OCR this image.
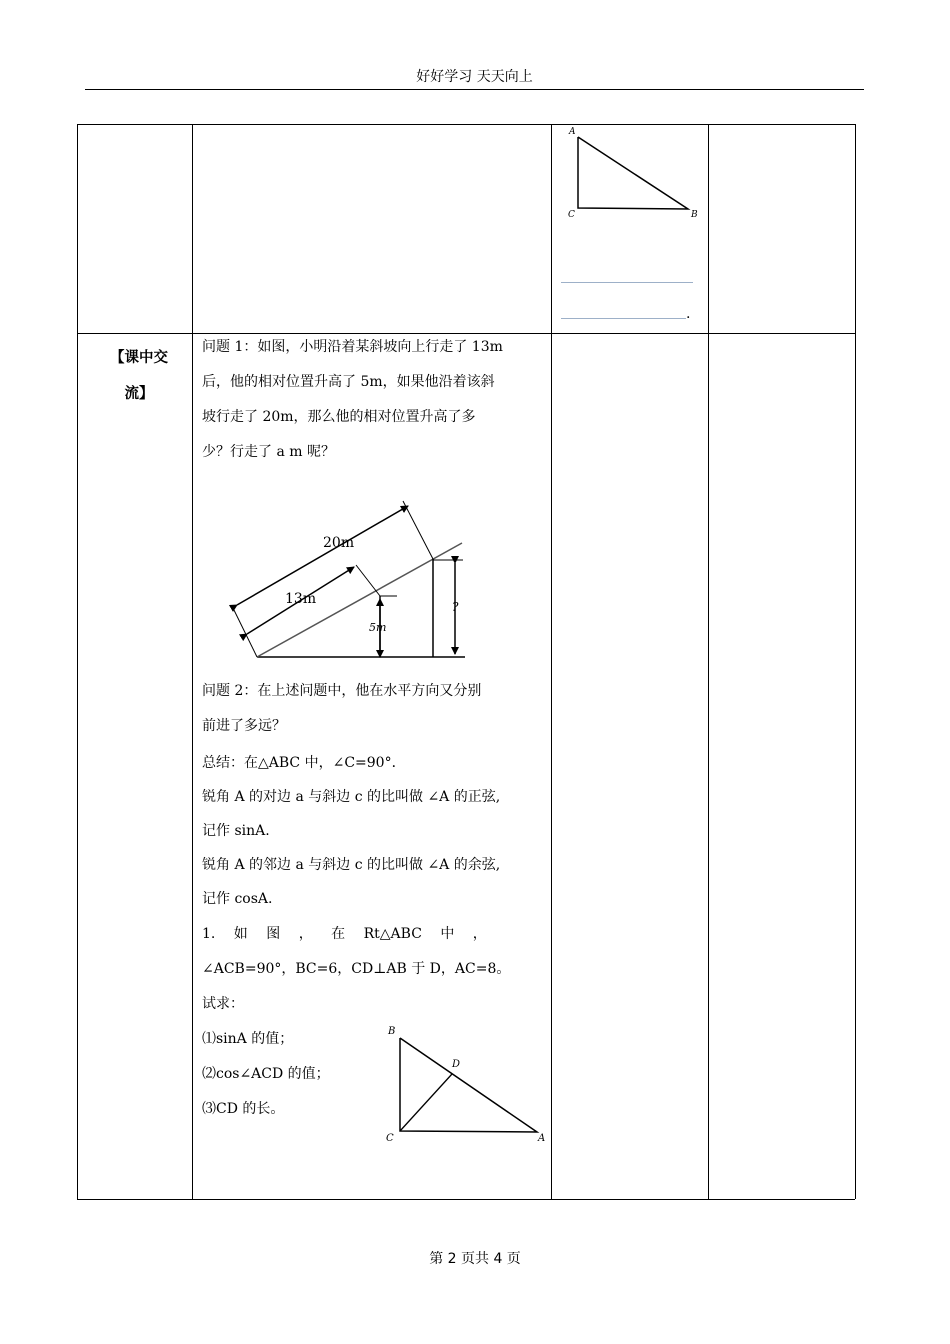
好好学习 天天向上
A
C	B
.
【课中交
流】
问题 1：如图，小明沿着某斜坡向上行走了 13m
后，他的相对位置升高了 5m，如果他沿着该斜
坡行走了 20m，那么他的相对位置升高了多
少？行走了 a m 呢？
20m
13m
5m
?
问题 2：在上述问题中，他在水平方向又分别
前进了多远？
总结：在△ABC 中，∠C=90°．
锐角 A 的对边 a 与斜边 c 的比叫做 ∠A 的正弦,
记作 sinA.
锐角 A 的邻边 a 与斜边 c 的比叫做 ∠A 的余弦,
记作 cosA.
1. 如 图 ， 在 Rt△ABC 中 ，
∠ACB=90°，BC=6，CD⊥AB 于 D，AC=8。
试求：
⑴sinA 的值；
⑵cos∠ACD 的值；
⑶CD 的长。
B
D
C	A
第 2 页共 4 页
